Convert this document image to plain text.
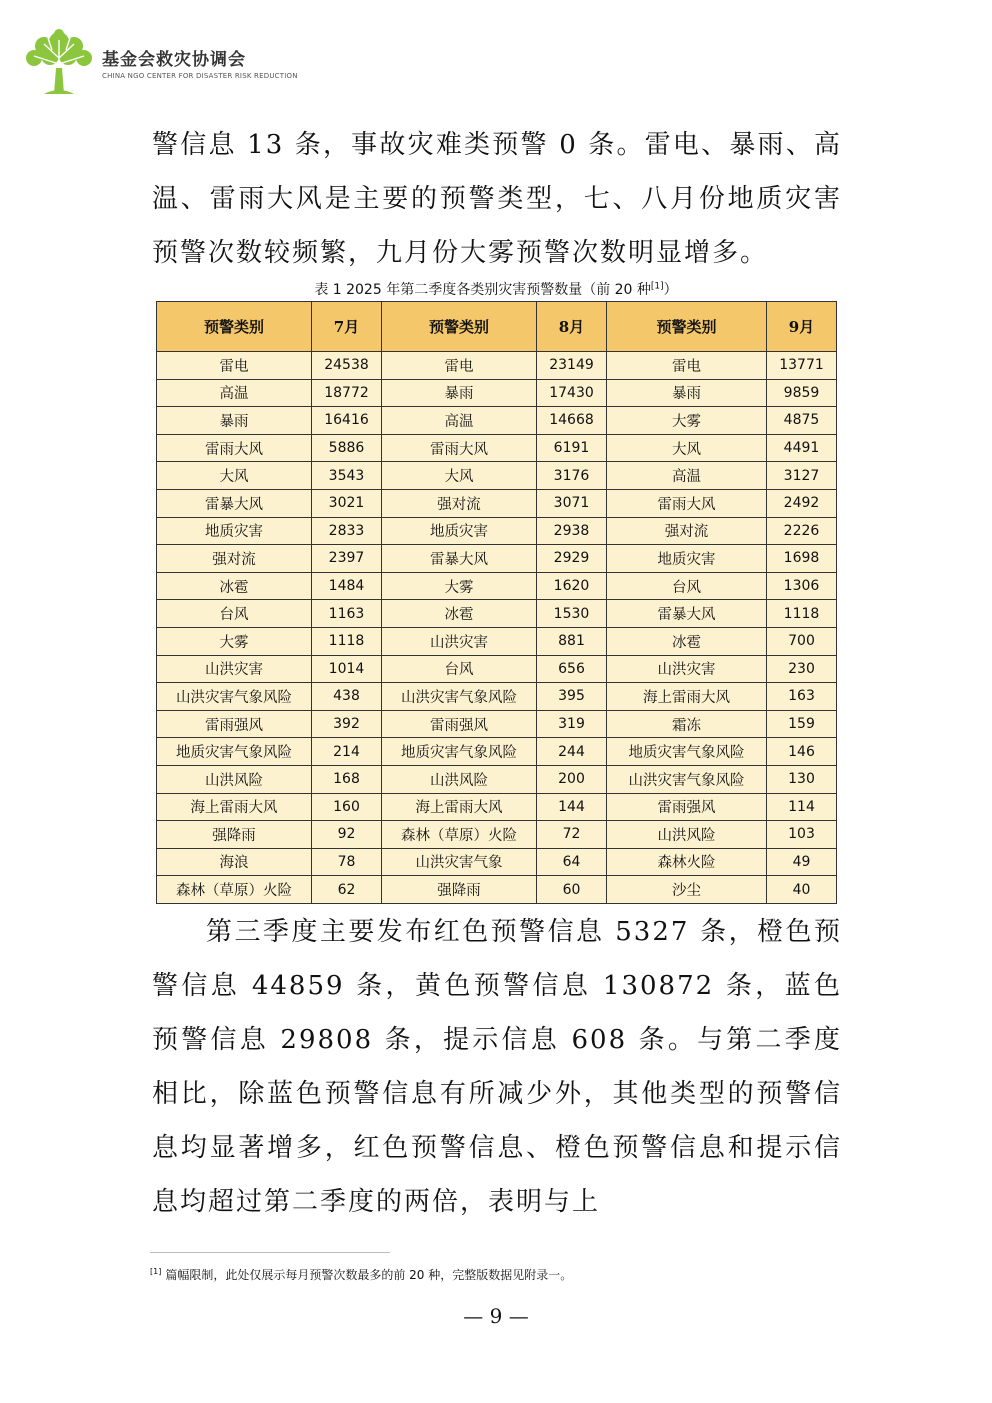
基金会救灾协调会
CHINA NGO CENTER FOR DISASTER RISK REDUCTION

警信息 13 条，事故灾难类预警 0 条。雷电、暴雨、高温、雷雨大风是主要的预警类型，七、八月份地质灾害预警次数较频繁，九月份大雾预警次数明显增多。

表 1 2025 年第二季度各类别灾害预警数量（前 20 种[1]）
预警类别	7月	预警类别	8月	预警类别	9月
雷电	24538	雷电	23149	雷电	13771
高温	18772	暴雨	17430	暴雨	9859
暴雨	16416	高温	14668	大雾	4875
雷雨大风	5886	雷雨大风	6191	大风	4491
大风	3543	大风	3176	高温	3127
雷暴大风	3021	强对流	3071	雷雨大风	2492
地质灾害	2833	地质灾害	2938	强对流	2226
强对流	2397	雷暴大风	2929	地质灾害	1698
冰雹	1484	大雾	1620	台风	1306
台风	1163	冰雹	1530	雷暴大风	1118
大雾	1118	山洪灾害	881	冰雹	700
山洪灾害	1014	台风	656	山洪灾害	230
山洪灾害气象风险	438	山洪灾害气象风险	395	海上雷雨大风	163
雷雨强风	392	雷雨强风	319	霜冻	159
地质灾害气象风险	214	地质灾害气象风险	244	地质灾害气象风险	146
山洪风险	168	山洪风险	200	山洪灾害气象风险	130
海上雷雨大风	160	海上雷雨大风	144	雷雨强风	114
强降雨	92	森林（草原）火险	72	山洪风险	103
海浪	78	山洪灾害气象	64	森林火险	49
森林（草原）火险	62	强降雨	60	沙尘	40

第三季度主要发布红色预警信息 5327 条，橙色预警信息 44859 条，黄色预警信息 130872 条，蓝色预警信息 29808 条，提示信息 608 条。与第二季度相比，除蓝色预警信息有所减少外，其他类型的预警信息均显著增多，红色预警信息、橙色预警信息和提示信息均超过第二季度的两倍，表明与上

[1] 篇幅限制，此处仅展示每月预警次数最多的前 20 种，完整版数据见附录一。
— 9 —
